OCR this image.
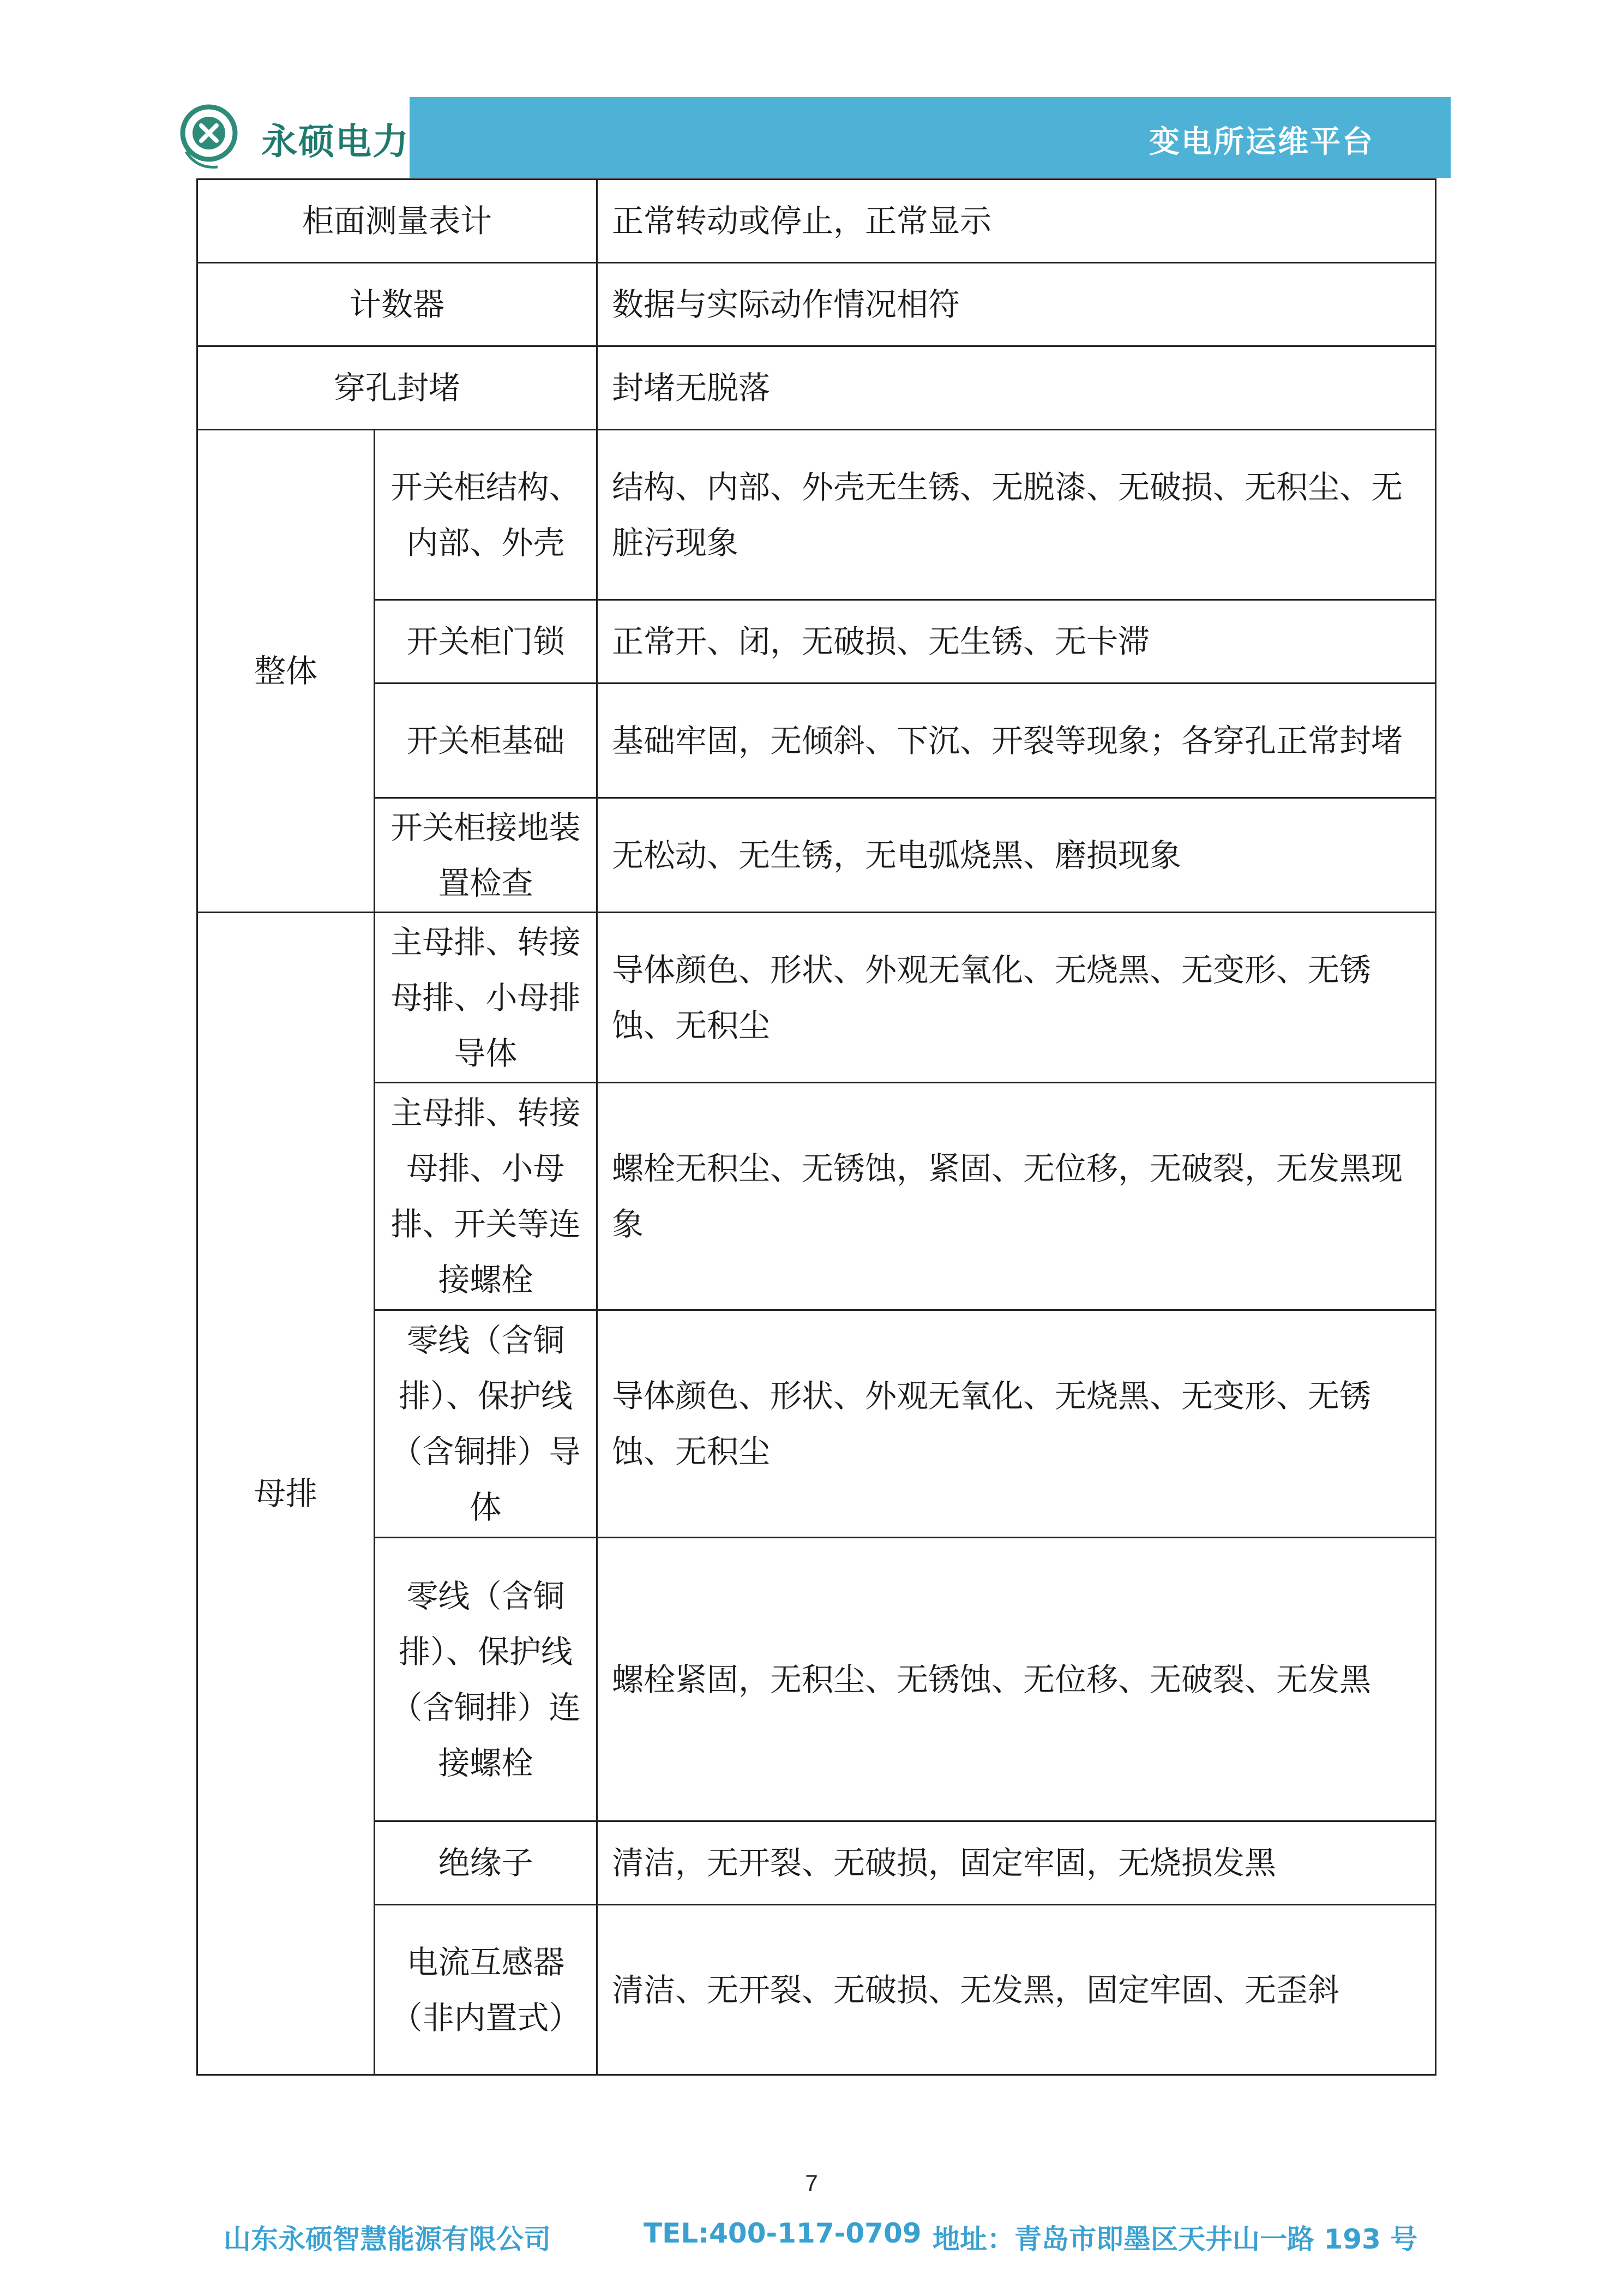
永硕电力	变电所运维平台
柜面测量表计		正常转动或停止，正常显示
计数器		数据与实际动作情况相符
穿孔封堵		封堵无脱落
整体	开关柜结构、内部、外壳	结构、内部、外壳无生锈、无脱漆、无破损、无积尘、无脏污现象
	开关柜门锁	正常开、闭，无破损、无生锈、无卡滞
	开关柜基础	基础牢固，无倾斜、下沉、开裂等现象；各穿孔正常封堵
	开关柜接地装置检查	无松动、无生锈，无电弧烧黑、磨损现象
母排	主母排、转接母排、小母排导体	导体颜色、形状、外观无氧化、无烧黑、无变形、无锈蚀、无积尘
	主母排、转接母排、小母排、开关等连接螺栓	螺栓无积尘、无锈蚀，紧固、无位移，无破裂，无发黑现象
	零线（含铜排）、保护线（含铜排）导体	导体颜色、形状、外观无氧化、无烧黑、无变形、无锈蚀、无积尘
	零线（含铜排）、保护线（含铜排）连接螺栓	螺栓紧固，无积尘、无锈蚀、无位移、无破裂、无发黑
	绝缘子	清洁，无开裂、无破损，固定牢固，无烧损发黑
	电流互感器（非内置式）	清洁、无开裂、无破损、无发黑，固定牢固、无歪斜
7
山东永硕智慧能源有限公司	TEL:400-117-0709 地址：青岛市即墨区天井山一路 193 号
